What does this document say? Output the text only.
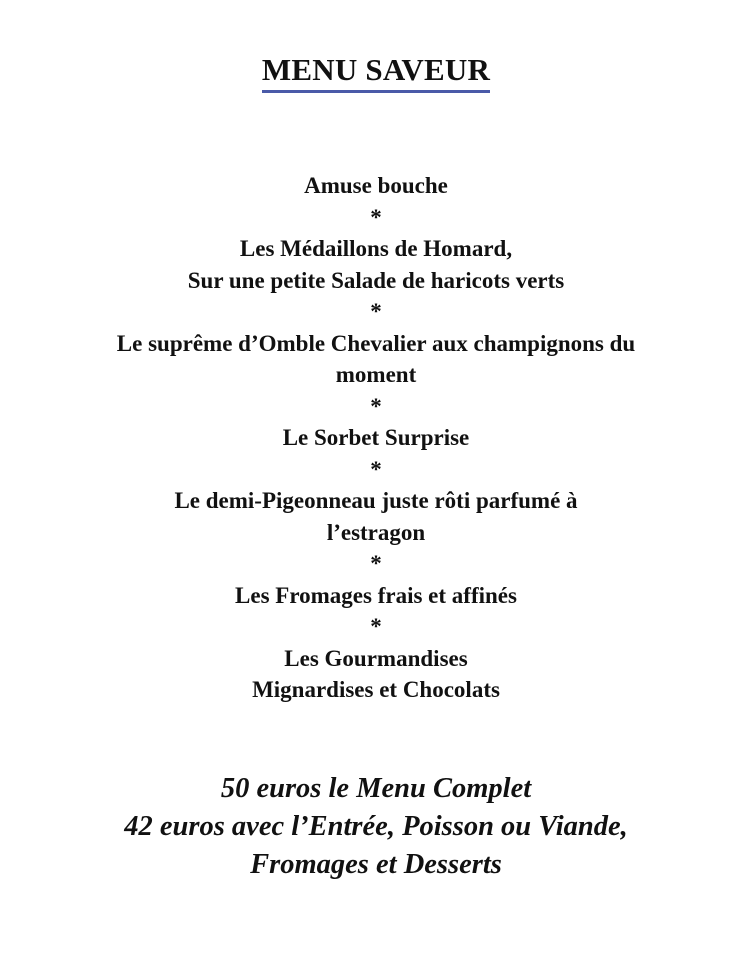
MENU SAVEUR
Amuse bouche
*
Les Médaillons de Homard,
Sur une petite Salade de haricots verts
*
Le suprême d’Omble Chevalier aux champignons du
moment
*
Le Sorbet Surprise
*
Le demi-Pigeonneau juste rôti parfumé à
l’estragon
*
Les Fromages frais et affinés
*
Les Gourmandises
Mignardises et Chocolats
50 euros le Menu Complet
42 euros avec l’Entrée, Poisson ou Viande,
Fromages et Desserts
